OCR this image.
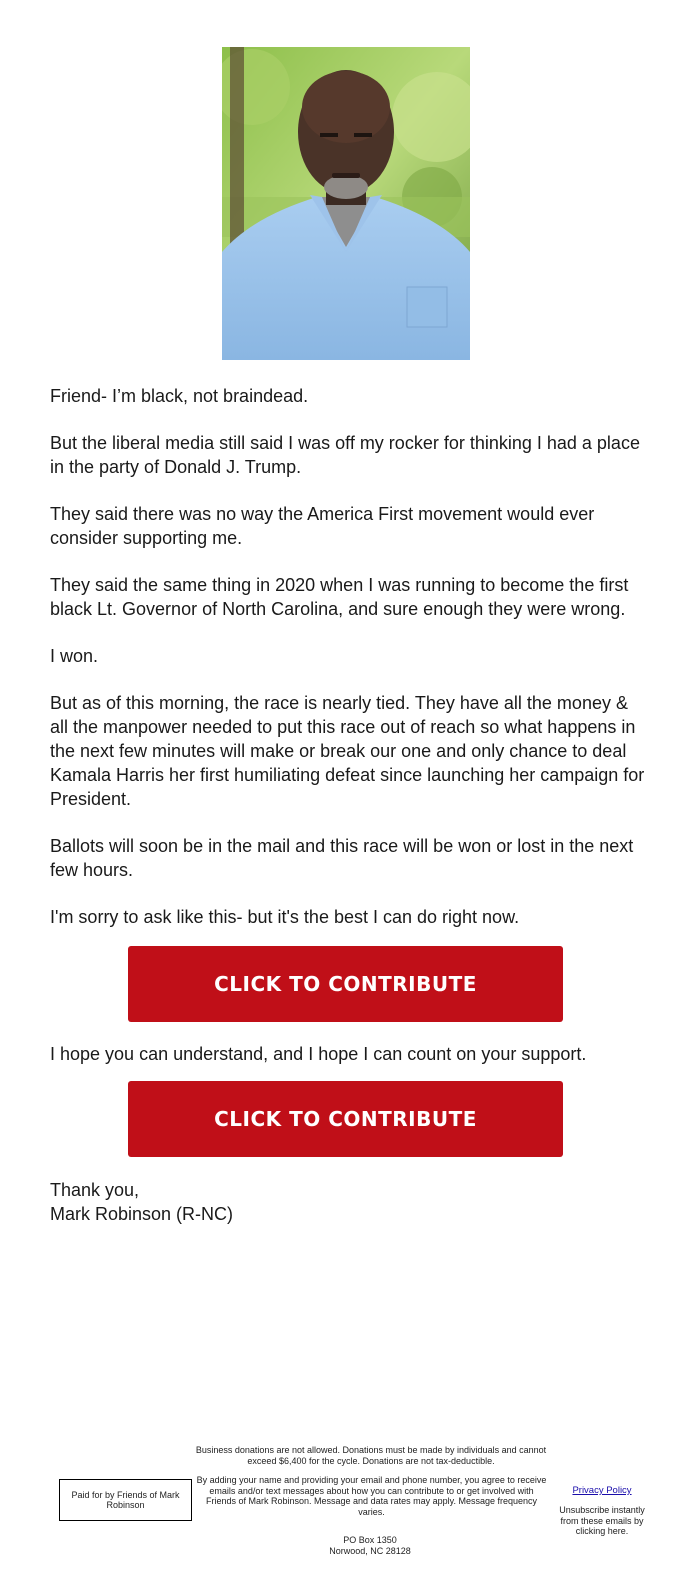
Friend- I’m black, not braindead.

But the liberal media still said I was off my rocker for thinking I had a place in the party of Donald J. Trump.

They said there was no way the America First movement would ever consider supporting me.

They said the same thing in 2020 when I was running to become the first black Lt. Governor of North Carolina, and sure enough they were wrong.

I won.

But as of this morning, the race is nearly tied. They have all the money & all the manpower needed to put this race out of reach so what happens in the next few minutes will make or break our one and only chance to deal Kamala Harris her first humiliating defeat since launching her campaign for President.

Ballots will soon be in the mail and this race will be won or lost in the next few hours.

I'm sorry to ask like this- but it's the best I can do right now.

CLICK TO CONTRIBUTE

I hope you can understand, and I hope I can count on your support.

CLICK TO CONTRIBUTE
Thank you,
Mark Robinson (R-NC)
Business donations are not allowed. Donations must be made by individuals and cannot exceed $6,400 for the cycle. Donations are not tax-deductible.
Paid for by Friends of Mark Robinson
By adding your name and providing your email and phone number, you agree to receive emails and/or text messages about how you can contribute to or get involved with Friends of Mark Robinson. Message and data rates may apply. Message frequency varies.
Privacy Policy
Unsubscribe instantly from these emails by clicking here.
PO Box 1350
Norwood, NC 28128
